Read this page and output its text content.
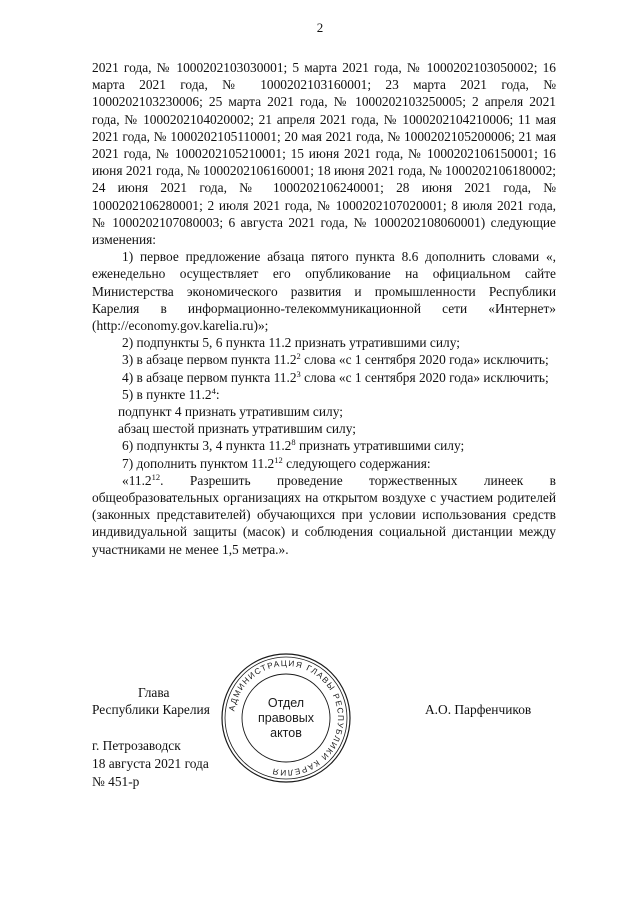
2

2021 года, № 1000202103030001; 5 марта 2021 года, № 1000202103050002; 16 марта 2021 года, № 1000202103160001; 23 марта 2021 года, № 1000202103230006; 25 марта 2021 года, № 1000202103250005; 2 апреля 2021 года, № 1000202104020002; 21 апреля 2021 года, № 1000202104210006; 11 мая 2021 года, № 1000202105110001; 20 мая 2021 года, № 1000202105200006; 21 мая 2021 года, № 1000202105210001; 15 июня 2021 года, № 1000202106150001; 16 июня 2021 года, № 1000202106160001; 18 июня 2021 года, № 1000202106180002; 24 июня 2021 года, № 1000202106240001; 28 июня 2021 года, № 1000202106280001; 2 июля 2021 года, № 1000202107020001; 8 июля 2021 года, № 1000202107080003; 6 августа 2021 года, № 1000202108060001) следующие изменения:

1) первое предложение абзаца пятого пункта 8.6 дополнить словами «, еженедельно осуществляет его опубликование на официальном сайте Министерства экономического развития и промышленности Республики Карелия в информационно-телекоммуникационной сети «Интернет» (http://economy.gov.karelia.ru)»;

2) подпункты 5, 6 пункта 11.2 признать утратившими силу;

3) в абзаце первом пункта 11.2$^2$ слова «с 1 сентября 2020 года» исключить;

4) в абзаце первом пункта 11.2$^3$ слова «с 1 сентября 2020 года» исключить;

5) в пункте 11.2$^4$:

подпункт 4 признать утратившим силу;

абзац шестой признать утратившим силу;

6) подпункты 3, 4 пункта 11.2$^8$ признать утратившими силу;

7) дополнить пунктом 11.2$^{12}$ следующего содержания:

«11.2$^{12}$. Разрешить проведение торжественных линеек в общеобразовательных организациях на открытом воздухе с участием родителей (законных представителей) обучающихся при условии использования средств индивидуальной защиты (масок) и соблюдения социальной дистанции между участниками не менее 1,5 метра.».

Глава
Республики Карелия АДМИНИСТРАЦИЯ ГЛАВЫ РЕСПУБЛИКИ КАРЕЛИЯ
Отдел
правовых
актов
А.О. Парфенчиков
г. Петрозаводск
18 августа 2021 года
№ 451-р
